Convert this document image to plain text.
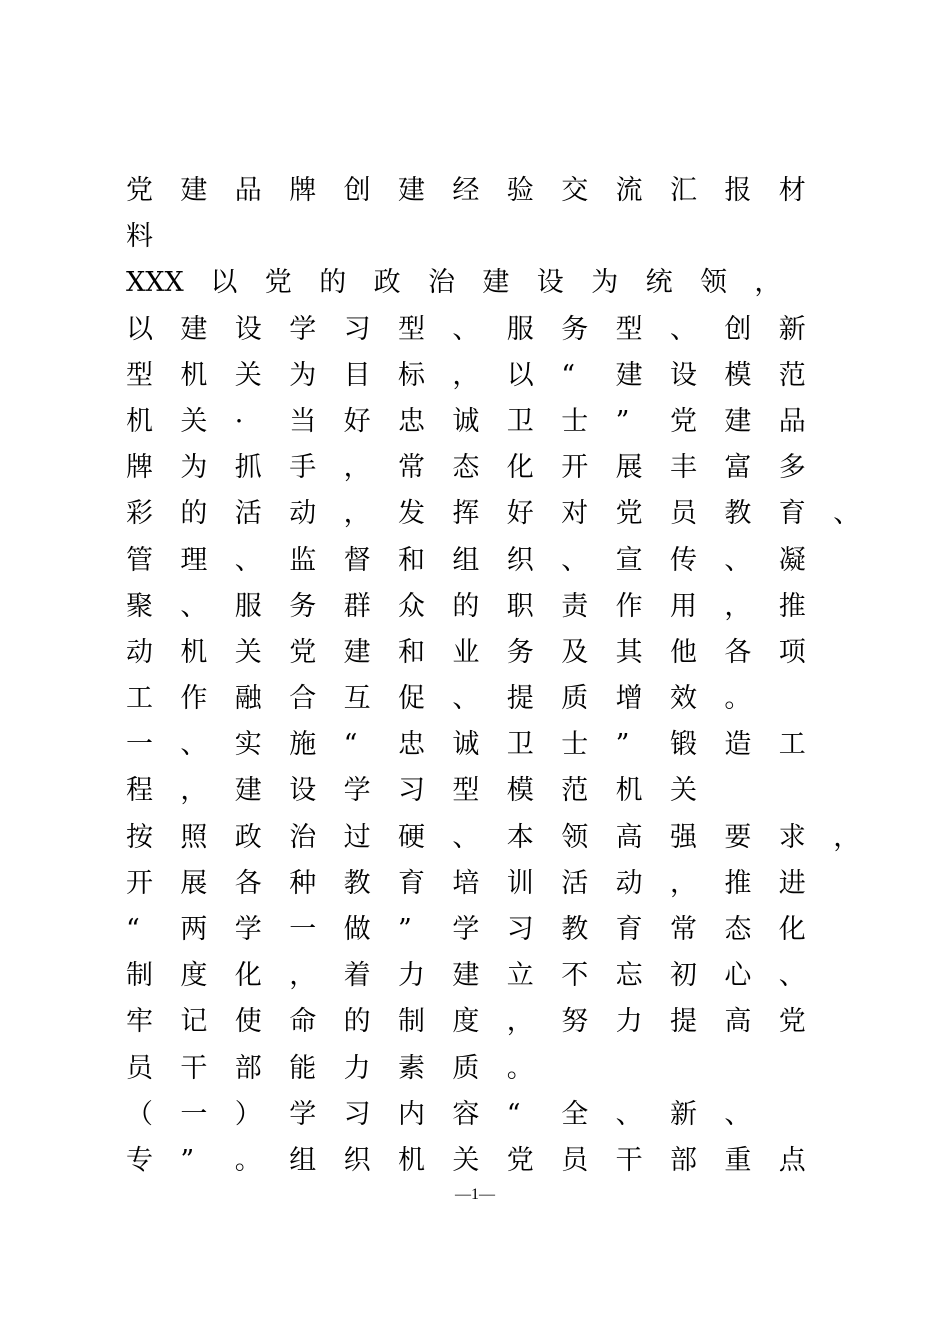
党 建 品 牌 创 建 经 验 交 流 汇 报 材
料
XXX 以 党 的 政 治 建 设 为 统 领 ，
以 建 设 学 习 型 、 服 务 型 、 创 新
型 机 关 为 目 标 ， 以 “ 建 设 模 范
机 关 · 当 好 忠 诚 卫 士 ” 党 建 品
牌 为 抓 手 ， 常 态 化 开 展 丰 富 多
彩 的 活 动 ， 发 挥 好 对 党 员 教 育 、
管 理 、 监 督 和 组 织 、 宣 传 、 凝
聚 、 服 务 群 众 的 职 责 作 用 ， 推
动 机 关 党 建 和 业 务 及 其 他 各 项
工 作 融 合 互 促 、 提 质 增 效 。
一 、 实 施 “ 忠 诚 卫 士 ” 锻 造 工
程 ， 建 设 学 习 型 模 范 机 关
按 照 政 治 过 硬 、 本 领 高 强 要 求 ，
开 展 各 种 教 育 培 训 活 动 ， 推 进
“ 两 学 一 做 ” 学 习 教 育 常 态 化
制 度 化 ， 着 力 建 立 不 忘 初 心 、
牢 记 使 命 的 制 度 ， 努 力 提 高 党
员 干 部 能 力 素 质 。
（ 一 ） 学 习 内 容 “ 全 、 新 、
专 ” 。 组 织 机 关 党 员 干 部 重 点
—1—
